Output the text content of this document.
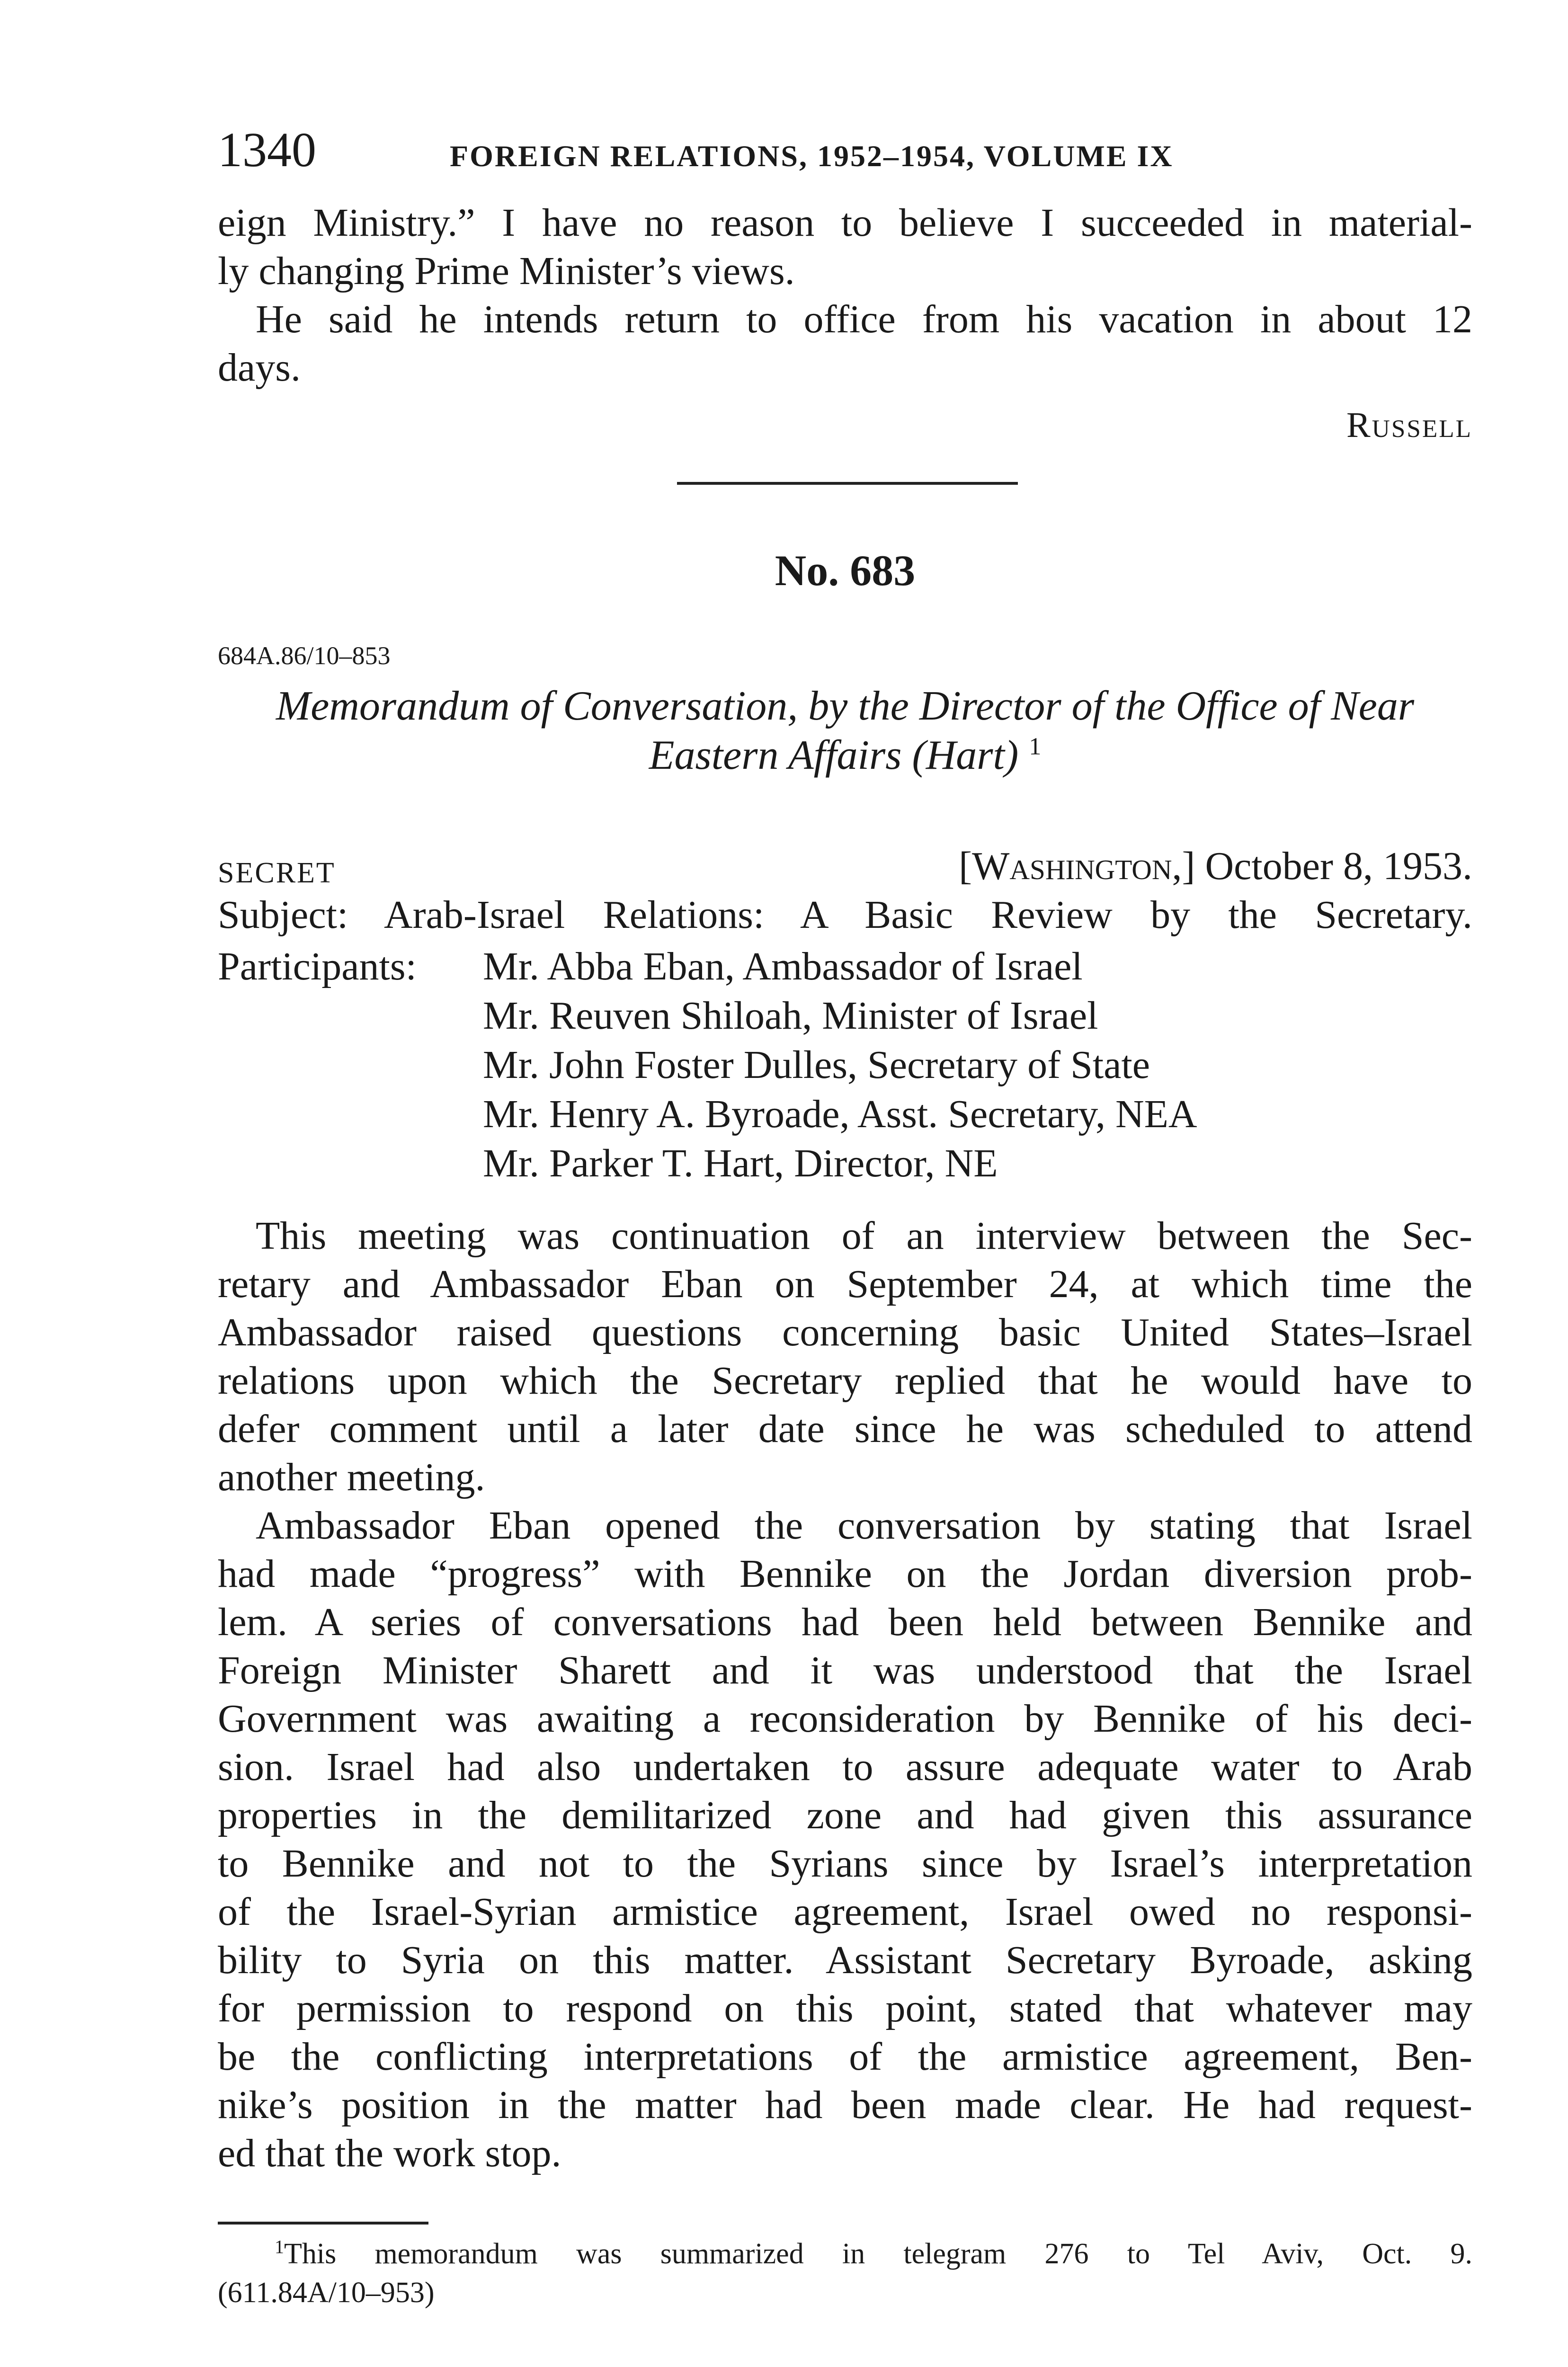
1340	FOREIGN RELATIONS, 1952–1954, VOLUME IX
eign Ministry.” I have no reason to believe I succeeded in material-
ly changing Prime Minister’s views.
He said he intends return to office from his vacation in about 12
days.
Russell
No. 683
684A.86/10–853
Memorandum of Conversation, by the Director of the Office of Near
Eastern Affairs (Hart) $^1$
SECRET	[Washington,] October 8, 1953.
Subject: Arab-Israel Relations: A Basic Review by the Secretary.
Participants: Mr. Abba Eban, Ambassador of Israel
Mr. Reuven Shiloah, Minister of Israel
Mr. John Foster Dulles, Secretary of State
Mr. Henry A. Byroade, Asst. Secretary, NEA
Mr. Parker T. Hart, Director, NE
This meeting was continuation of an interview between the Sec-
retary and Ambassador Eban on September 24, at which time the
Ambassador raised questions concerning basic United States–Israel
relations upon which the Secretary replied that he would have to
defer comment until a later date since he was scheduled to attend
another meeting.
Ambassador Eban opened the conversation by stating that Israel
had made “progress” with Bennike on the Jordan diversion prob-
lem. A series of conversations had been held between Bennike and
Foreign Minister Sharett and it was understood that the Israel
Government was awaiting a reconsideration by Bennike of his deci-
sion. Israel had also undertaken to assure adequate water to Arab
properties in the demilitarized zone and had given this assurance
to Bennike and not to the Syrians since by Israel’s interpretation
of the Israel-Syrian armistice agreement, Israel owed no responsi-
bility to Syria on this matter. Assistant Secretary Byroade, asking
for permission to respond on this point, stated that whatever may
be the conflicting interpretations of the armistice agreement, Ben-
nike’s position in the matter had been made clear. He had request-
ed that the work stop.
$^1$This memorandum was summarized in telegram 276 to Tel Aviv, Oct. 9.
(611.84A/10–953)
